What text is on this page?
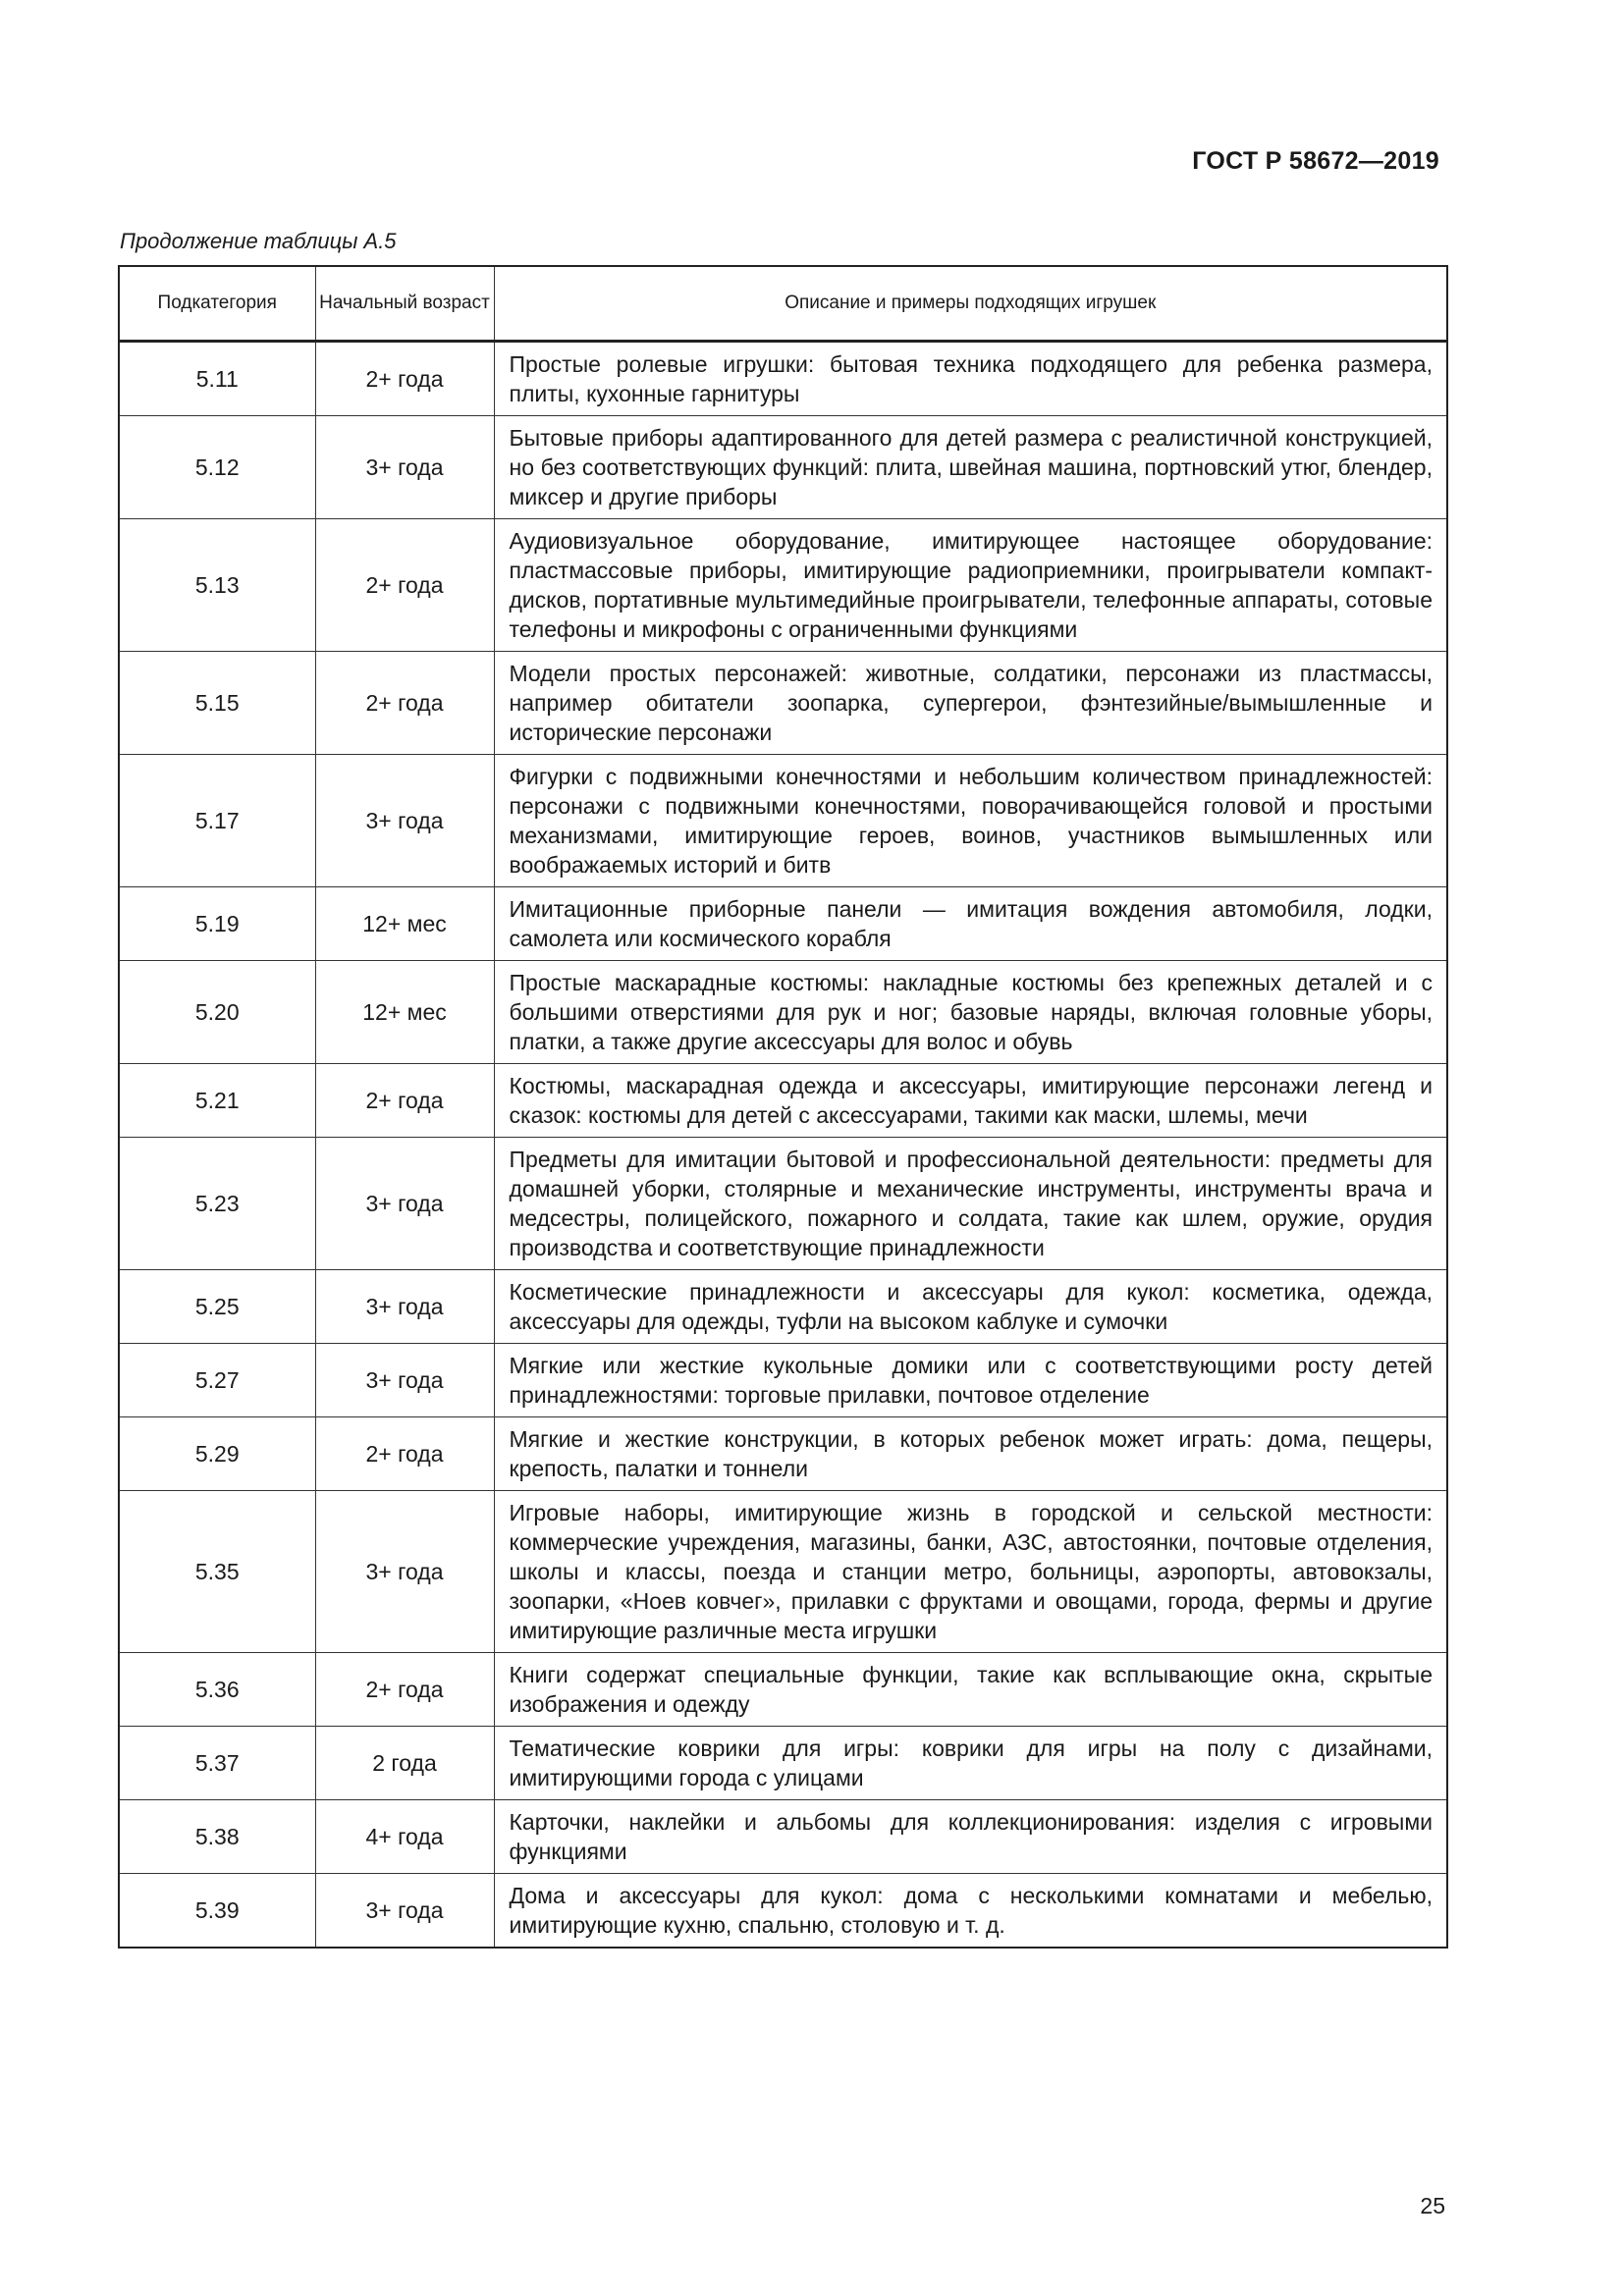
ГОСТ Р 58672—2019
Продолжение таблицы А.5
Подкатегория	Начальный возраст	Описание и примеры подходящих игрушек
5.11	2+ года	Простые ролевые игрушки: бытовая техника подходящего для ребенка размера, плиты, кухонные гарнитуры
5.12	3+ года	Бытовые приборы адаптированного для детей размера с реалистичной конструкцией, но без соответствующих функций: плита, швейная машина, портновский утюг, блендер, миксер и другие приборы
5.13	2+ года	Аудиовизуальное оборудование, имитирующее настоящее оборудование: пластмассовые приборы, имитирующие радиоприемники, проигрыватели компакт-дисков, портативные мультимедийные проигрыватели, телефонные аппараты, сотовые телефоны и микрофоны с ограниченными функциями
5.15	2+ года	Модели простых персонажей: животные, солдатики, персонажи из пластмассы, например обитатели зоопарка, супергерои, фэнтезийные/вымышленные и исторические персонажи
5.17	3+ года	Фигурки с подвижными конечностями и небольшим количеством принадлежностей: персонажи с подвижными конечностями, поворачивающейся головой и простыми механизмами, имитирующие героев, воинов, участников вымышленных или воображаемых историй и битв
5.19	12+ мес	Имитационные приборные панели — имитация вождения автомобиля, лодки, самолета или космического корабля
5.20	12+ мес	Простые маскарадные костюмы: накладные костюмы без крепежных деталей и с большими отверстиями для рук и ног; базовые наряды, включая головные уборы, платки, а также другие аксессуары для волос и обувь
5.21	2+ года	Костюмы, маскарадная одежда и аксессуары, имитирующие персонажи легенд и сказок: костюмы для детей с аксессуарами, такими как маски, шлемы, мечи
5.23	3+ года	Предметы для имитации бытовой и профессиональной деятельности: предметы для домашней уборки, столярные и механические инструменты, инструменты врача и медсестры, полицейского, пожарного и солдата, такие как шлем, оружие, орудия производства и соответствующие принадлежности
5.25	3+ года	Косметические принадлежности и аксессуары для кукол: косметика, одежда, аксессуары для одежды, туфли на высоком каблуке и сумочки
5.27	3+ года	Мягкие или жесткие кукольные домики или с соответствующими росту детей принадлежностями: торговые прилавки, почтовое отделение
5.29	2+ года	Мягкие и жесткие конструкции, в которых ребенок может играть: дома, пещеры, крепость, палатки и тоннели
5.35	3+ года	Игровые наборы, имитирующие жизнь в городской и сельской местности: коммерческие учреждения, магазины, банки, АЗС, автостоянки, почтовые отделения, школы и классы, поезда и станции метро, больницы, аэропорты, автовокзалы, зоопарки, «Ноев ковчег», прилавки с фруктами и овощами, города, фермы и другие имитирующие различные места игрушки
5.36	2+ года	Книги содержат специальные функции, такие как всплывающие окна, скрытые изображения и одежду
5.37	2 года	Тематические коврики для игры: коврики для игры на полу с дизайнами, имитирующими города с улицами
5.38	4+ года	Карточки, наклейки и альбомы для коллекционирования: изделия с игровыми функциями
5.39	3+ года	Дома и аксессуары для кукол: дома с несколькими комнатами и мебелью, имитирующие кухню, спальню, столовую и т. д.
25
